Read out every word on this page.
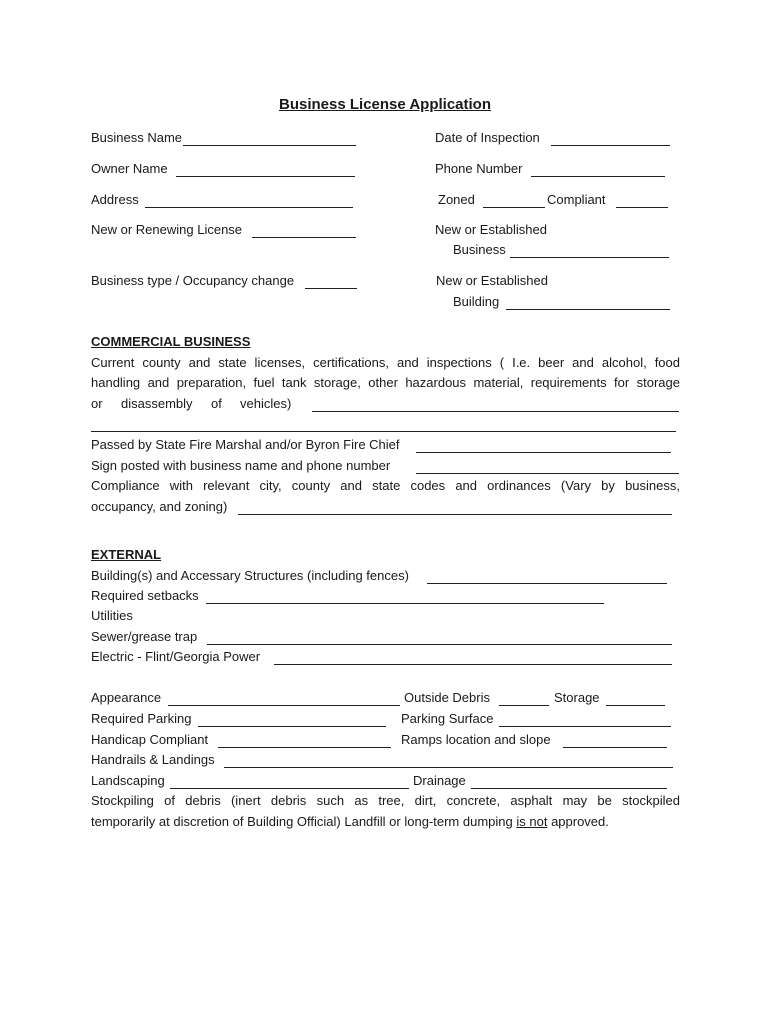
Business License Application
Business Name	Date of Inspection
Owner Name	Phone Number
Address	Zoned	Compliant
New or Renewing License	New or Established
Business
Business type / Occupancy change	New or Established
Building
COMMERCIAL BUSINESS
Current county and state licenses, certifications, and inspections ( I.e. beer and alcohol, food
handling and preparation, fuel tank storage, other hazardous material, requirements for storage
or disassembly of vehicles)
Passed by State Fire Marshal and/or Byron Fire Chief
Sign posted with business name and phone number
Compliance with relevant city, county and state codes and ordinances (Vary by business,
occupancy, and zoning)
EXTERNAL
Building(s) and Accessary Structures (including fences)
Required setbacks
Utilities
Sewer/grease trap
Electric - Flint/Georgia Power
Appearance	Outside Debris	Storage
Required Parking	Parking Surface
Handicap Compliant	Ramps location and slope
Handrails & Landings
Landscaping	Drainage
Stockpiling of debris (inert debris such as tree, dirt, concrete, asphalt may be stockpiled
temporarily at discretion of Building Official) Landfill or long-term dumping is not approved.
